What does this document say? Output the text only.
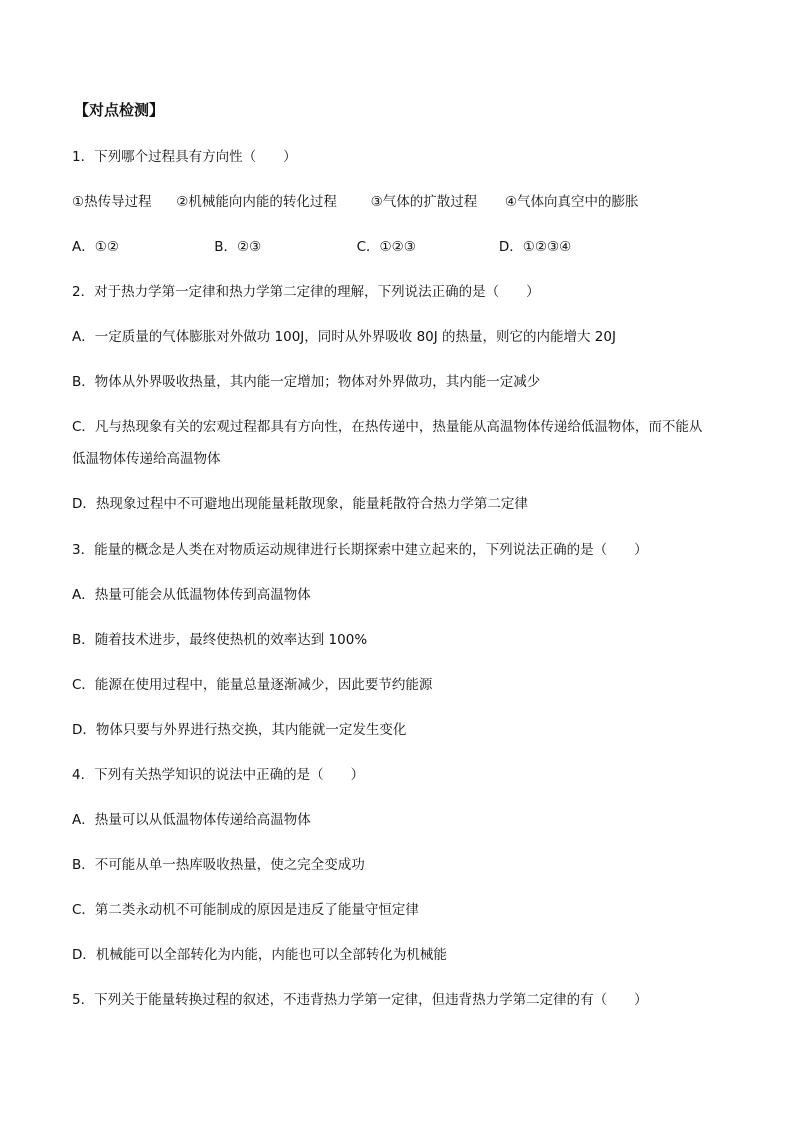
【对点检测】
1．下列哪个过程具有方向性（　　）
①热传导过程 ②机械能向内能的转化过程 ③气体的扩散过程 ④气体向真空中的膨胀
A．①②	B．②③	C．①②③	D．①②③④
2．对于热力学第一定律和热力学第二定律的理解，下列说法正确的是（　　）
A．一定质量的气体膨胀对外做功 100J，同时从外界吸收 80J 的热量，则它的内能增大 20J
B．物体从外界吸收热量，其内能一定增加；物体对外界做功，其内能一定减少
C．凡与热现象有关的宏观过程都具有方向性，在热传递中，热量能从高温物体传递给低温物体，而不能从
低温物体传递给高温物体
D．热现象过程中不可避地出现能量耗散现象，能量耗散符合热力学第二定律
3．能量的概念是人类在对物质运动规律进行长期探索中建立起来的，下列说法正确的是（　　）
A．热量可能会从低温物体传到高温物体
B．随着技术进步，最终使热机的效率达到 100%
C．能源在使用过程中，能量总量逐渐减少，因此要节约能源
D．物体只要与外界进行热交换，其内能就一定发生变化
4．下列有关热学知识的说法中正确的是（　　）
A．热量可以从低温物体传递给高温物体
B．不可能从单一热库吸收热量，使之完全变成功
C．第二类永动机不可能制成的原因是违反了能量守恒定律
D．机械能可以全部转化为内能，内能也可以全部转化为机械能
5．下列关于能量转换过程的叙述，不违背热力学第一定律，但违背热力学第二定律的有（　　）
